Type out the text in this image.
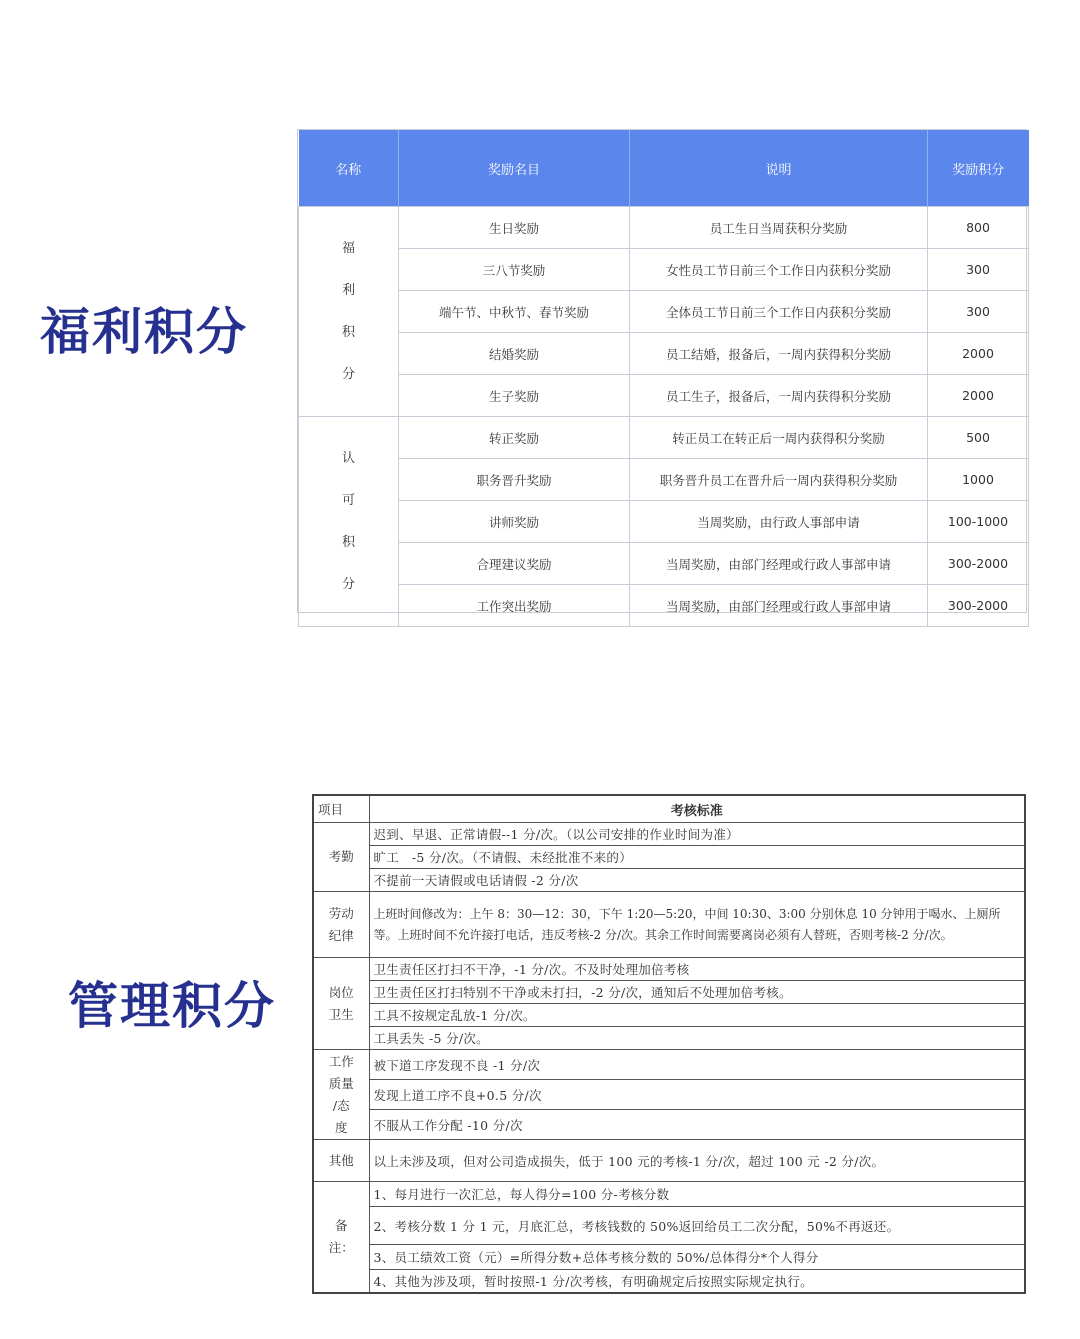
福利积分
管理积分
名称	奖励名目	说明	奖励积分

福
利
积
分	生日奖励	员工生日当周获积分奖励	800
	三八节奖励	女性员工节日前三个工作日内获积分奖励	300
	端午节、中秋节、春节奖励	全体员工节日前三个工作日内获积分奖励	300
	结婚奖励	员工结婚，报备后，一周内获得积分奖励	2000
	生子奖励	员工生子，报备后，一周内获得积分奖励	2000

认
可
积
分	转正奖励	转正员工在转正后一周内获得积分奖励	500
	职务晋升奖励	职务晋升员工在晋升后一周内获得积分奖励	1000
	讲师奖励	当周奖励，由行政人事部申请	100-1000
	合理建议奖励	当周奖励，由部门经理或行政人事部申请	300-2000
	工作突出奖励	当周奖励，由部门经理或行政人事部申请	300-2000
项目	考核标准

考勤	迟到、早退、正常请假--1 分/次。（以公司安排的作业时间为准）
	旷工　-5 分/次。（不请假、未经批准不来的）
	不提前一天请假或电话请假 -2 分/次

劳动
纪律	上班时间修改为：上午 8：30—12：30，下午 1:20—5:20，中间 10:30、3:00 分别休息 10 分钟用于喝水、上厕所等。上班时间不允许接打电话，违反考核-2 分/次。其余工作时间需要离岗必须有人替班，否则考核-2 分/次。

岗位
卫生	卫生责任区打扫不干净，-1 分/次。不及时处理加倍考核
	卫生责任区打扫特别不干净或未打扫，-2 分/次，通知后不处理加倍考核。
	工具不按规定乱放-1 分/次。
	工具丢失 -5 分/次。

工作
质量
/态
度	被下道工序发现不良 -1 分/次
	发现上道工序不良+0.5 分/次
	不服从工作分配 -10 分/次

其他	以上未涉及项，但对公司造成损失，低于 100 元的考核-1 分/次，超过 100 元 -2 分/次。

备
注：	1、每月进行一次汇总，每人得分=100 分-考核分数
	2、考核分数 1 分 1 元，月底汇总，考核钱数的 50%返回给员工二次分配，50%不再返还。
	3、员工绩效工资（元）=所得分数+总体考核分数的 50%/总体得分*个人得分
	4、其他为涉及项，暂时按照-1 分/次考核，有明确规定后按照实际规定执行。
